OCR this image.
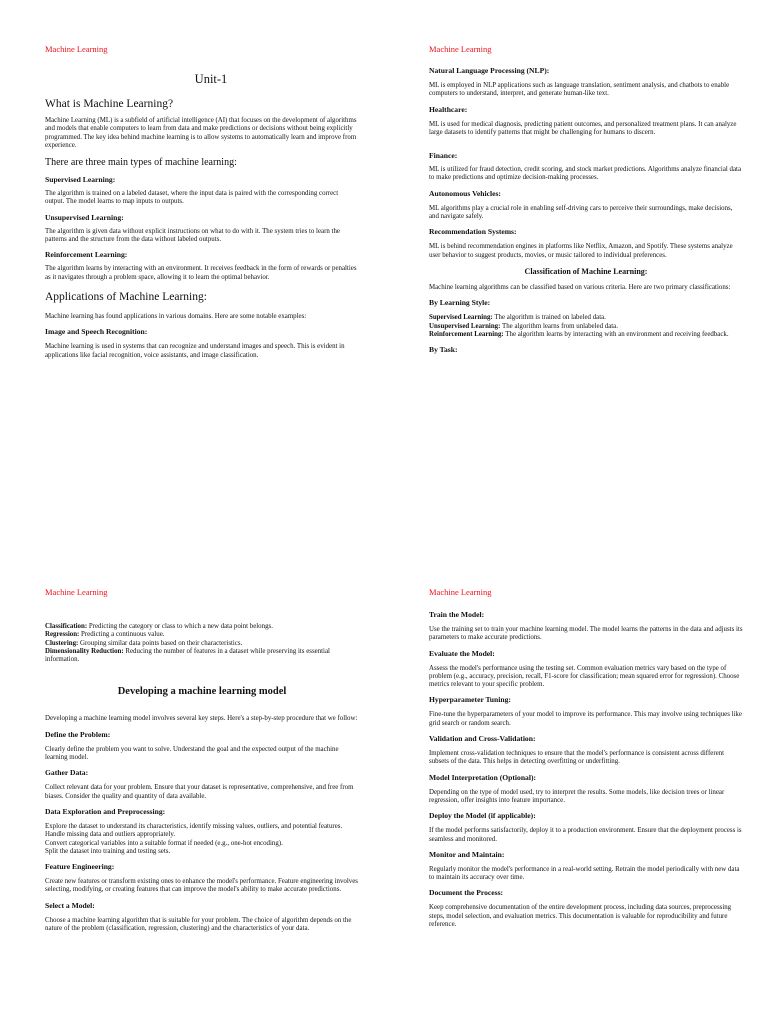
Machine Learning
Unit-1
What is Machine Learning?
Machine Learning (ML) is a subfield of artificial intelligence (AI) that focuses on the development of algorithms and models that enable computers to learn from data and make predictions or decisions without being explicitly programmed. The key idea behind machine learning is to allow systems to automatically learn and improve from experience.
There are three main types of machine learning:
Supervised Learning:
The algorithm is trained on a labeled dataset, where the input data is paired with the corresponding correct output. The model learns to map inputs to outputs.
Unsupervised Learning:
The algorithm is given data without explicit instructions on what to do with it. The system tries to learn the patterns and the structure from the data without labeled outputs.
Reinforcement Learning:
The algorithm learns by interacting with an environment. It receives feedback in the form of rewards or penalties as it navigates through a problem space, allowing it to learn the optimal behavior.
Applications of Machine Learning:
Machine learning has found applications in various domains. Here are some notable examples:
Image and Speech Recognition:
Machine learning is used in systems that can recognize and understand images and speech. This is evident in applications like facial recognition, voice assistants, and image classification.
Machine Learning
Natural Language Processing (NLP):
ML is employed in NLP applications such as language translation, sentiment analysis, and chatbots to enable computers to understand, interpret, and generate human-like text.
Healthcare:
ML is used for medical diagnosis, predicting patient outcomes, and personalized treatment plans. It can analyze large datasets to identify patterns that might be challenging for humans to discern.
Finance:
ML is utilized for fraud detection, credit scoring, and stock market predictions. Algorithms analyze financial data to make predictions and optimize decision-making processes.
Autonomous Vehicles:
ML algorithms play a crucial role in enabling self-driving cars to perceive their surroundings, make decisions, and navigate safely.
Recommendation Systems:
ML is behind recommendation engines in platforms like Netflix, Amazon, and Spotify. These systems analyze user behavior to suggest products, movies, or music tailored to individual preferences.
Classification of Machine Learning:
Machine learning algorithms can be classified based on various criteria. Here are two primary classifications:
By Learning Style:
Supervised Learning: The algorithm is trained on labeled data.
Unsupervised Learning: The algorithm learns from unlabeled data.
Reinforcement Learning: The algorithm learns by interacting with an environment and receiving feedback.
By Task:
Machine Learning
Classification: Predicting the category or class to which a new data point belongs.
Regression: Predicting a continuous value.
Clustering: Grouping similar data points based on their characteristics.
Dimensionality Reduction: Reducing the number of features in a dataset while preserving its essential information.
Developing a machine learning model
Developing a machine learning model involves several key steps. Here's a step-by-step procedure that we follow:
Define the Problem:
Clearly define the problem you want to solve. Understand the goal and the expected output of the machine learning model.
Gather Data:
Collect relevant data for your problem. Ensure that your dataset is representative, comprehensive, and free from biases. Consider the quality and quantity of data available.
Data Exploration and Preprocessing:
Explore the dataset to understand its characteristics, identify missing values, outliers, and potential features. Handle missing data and outliers appropriately.
Convert categorical variables into a suitable format if needed (e.g., one-hot encoding).
Split the dataset into training and testing sets.
Feature Engineering:
Create new features or transform existing ones to enhance the model's performance. Feature engineering involves selecting, modifying, or creating features that can improve the model's ability to make accurate predictions.
Select a Model:
Choose a machine learning algorithm that is suitable for your problem. The choice of algorithm depends on the nature of the problem (classification, regression, clustering) and the characteristics of your data.
Machine Learning
Train the Model:
Use the training set to train your machine learning model. The model learns the patterns in the data and adjusts its parameters to make accurate predictions.
Evaluate the Model:
Assess the model's performance using the testing set. Common evaluation metrics vary based on the type of problem (e.g., accuracy, precision, recall, F1-score for classification; mean squared error for regression). Choose metrics relevant to your specific problem.
Hyperparameter Tuning:
Fine-tune the hyperparameters of your model to improve its performance. This may involve using techniques like grid search or random search.
Validation and Cross-Validation:
Implement cross-validation techniques to ensure that the model's performance is consistent across different subsets of the data. This helps in detecting overfitting or underfitting.
Model Interpretation (Optional):
Depending on the type of model used, try to interpret the results. Some models, like decision trees or linear regression, offer insights into feature importance.
Deploy the Model (if applicable):
If the model performs satisfactorily, deploy it to a production environment. Ensure that the deployment process is seamless and monitored.
Monitor and Maintain:
Regularly monitor the model's performance in a real-world setting. Retrain the model periodically with new data to maintain its accuracy over time.
Document the Process:
Keep comprehensive documentation of the entire development process, including data sources, preprocessing steps, model selection, and evaluation metrics. This documentation is valuable for reproducibility and future reference.
